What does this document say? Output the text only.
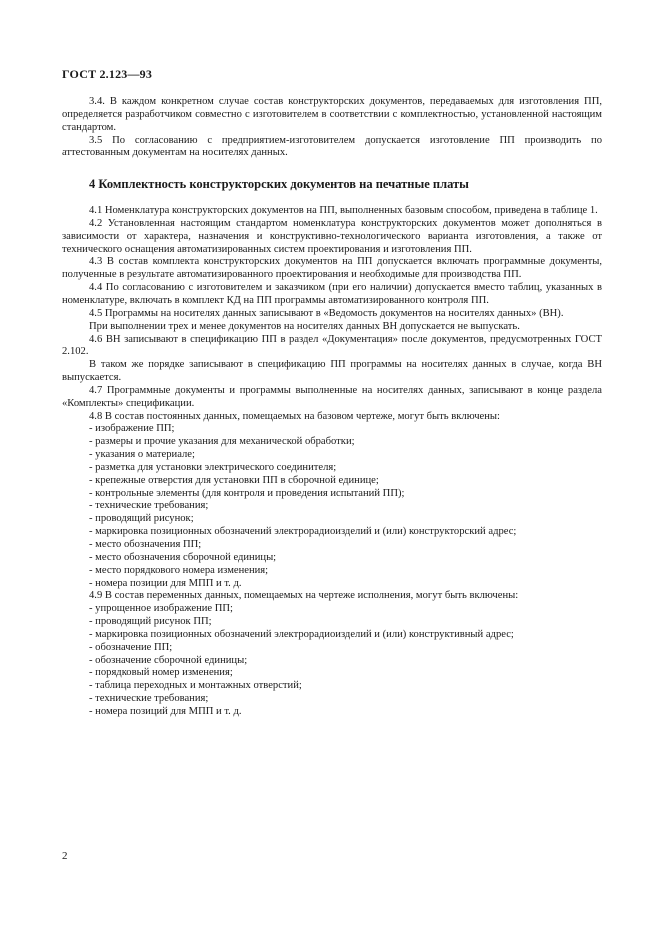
ГОСТ 2.123—93

3.4. В каждом конкретном случае состав конструкторских документов, передаваемых для изготовления ПП, определяется разработчиком совместно с изготовителем в соответствии с комплектностью, установленной настоящим стандартом.

3.5 По согласованию с предприятием-изготовителем допускается изготовление ПП производить по аттестованным документам на носителях данных.

4 Комплектность конструкторских документов на печатные платы

4.1 Номенклатура конструкторских документов на ПП, выполненных базовым способом, приведена в таблице 1.

4.2 Установленная настоящим стандартом номенклатура конструкторских документов может дополняться в зависимости от характера, назначения и конструктивно-технологического варианта изготовления, а также от технического оснащения автоматизированных систем проектирования и изготовления ПП.

4.3 В состав комплекта конструкторских документов на ПП допускается включать программные документы, полученные в результате автоматизированного проектирования и необходимые для производства ПП.

4.4 По согласованию с изготовителем и заказчиком (при его наличии) допускается вместо таблиц, указанных в номенклатуре, включать в комплект КД на ПП программы автоматизированного контроля ПП.

4.5 Программы на носителях данных записывают в «Ведомость документов на носителях данных» (ВН).

При выполнении трех и менее документов на носителях данных ВН допускается не выпускать.

4.6 ВН записывают в спецификацию ПП в раздел «Документация» после документов, предусмотренных ГОСТ 2.102.

В таком же порядке записывают в спецификацию ПП программы на носителях данных в случае, когда ВН выпускается.

4.7 Программные документы и программы выполненные на носителях данных, записывают в конце раздела «Комплекты» спецификации.

4.8 В состав постоянных данных, помещаемых на базовом чертеже, могут быть включены:

- изображение ПП;

- размеры и прочие указания для механической обработки;

- указания о материале;

- разметка для установки электрического соединителя;

- крепежные отверстия для установки ПП в сборочной единице;

- контрольные элементы (для контроля и проведения испытаний ПП);

- технические требования;

- проводящий рисунок;

- маркировка позиционных обозначений электрорадиоизделий и (или) конструкторский адрес;

- место обозначения ПП;

- место обозначения сборочной единицы;

- место порядкового номера изменения;

- номера позиции для МПП и т. д.

4.9 В состав переменных данных, помещаемых на чертеже исполнения, могут быть включены:

- упрощенное изображение ПП;

- проводящий рисунок ПП;

- маркировка позиционных обозначений электрорадиоизделий и (или) конструктивный адрес;

- обозначение ПП;

- обозначение сборочной единицы;

- порядковый номер изменения;

- таблица переходных и монтажных отверстий;

- технические требования;

- номера позиций для МПП и т. д.

2
